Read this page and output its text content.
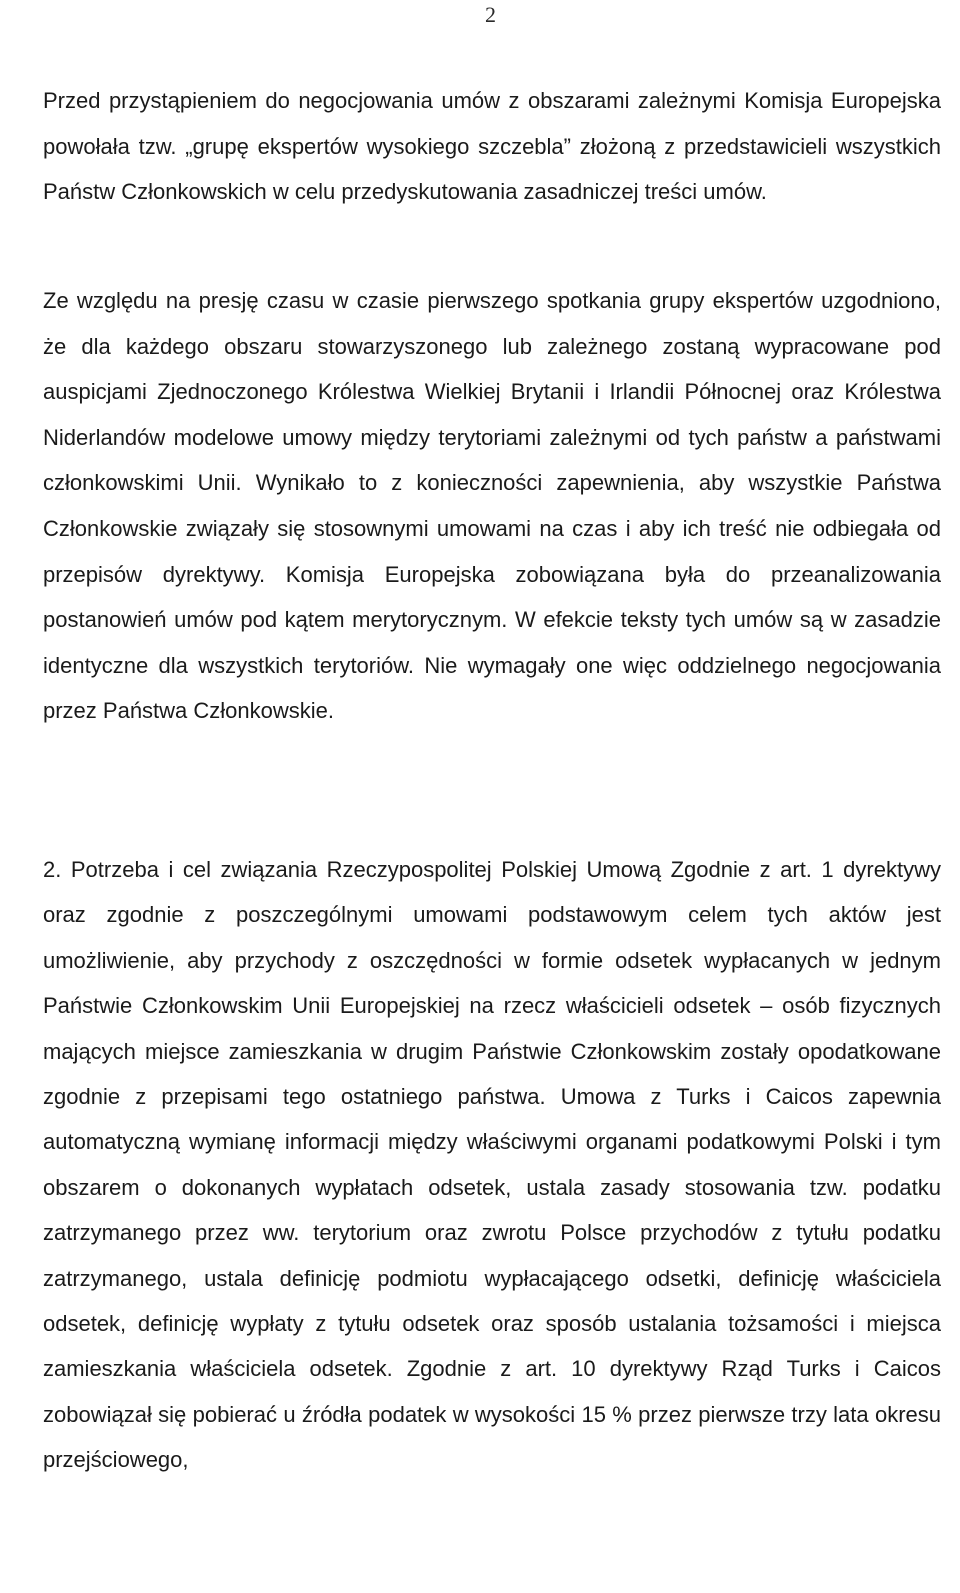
2

Przed przystąpieniem do negocjowania umów z obszarami zależnymi Komisja Europejska powołała tzw. „grupę ekspertów wysokiego szczebla” złożoną z przedstawicieli wszystkich Państw Członkowskich w celu przedyskutowania zasadniczej treści umów.

Ze względu na presję czasu w czasie pierwszego spotkania grupy ekspertów uzgodniono, że dla każdego obszaru stowarzyszonego lub zależnego zostaną wypracowane pod auspicjami Zjednoczonego Królestwa Wielkiej Brytanii i Irlandii Północnej oraz Królestwa Niderlandów modelowe umowy między terytoriami zależnymi od tych państw a państwami członkowskimi Unii. Wynikało to z konieczności zapewnienia, aby wszystkie Państwa Członkowskie związały się stosownymi umowami na czas i aby ich treść nie odbiegała od przepisów dyrektywy. Komisja Europejska zobowiązana była do przeanalizowania postanowień umów pod kątem merytorycznym. W efekcie teksty tych umów są w zasadzie identyczne dla wszystkich terytoriów. Nie wymagały one więc oddzielnego negocjowania przez Państwa Członkowskie.

2. Potrzeba i cel związania Rzeczypospolitej Polskiej Umową Zgodnie z art. 1 dyrektywy oraz zgodnie z poszczególnymi umowami podstawowym celem tych aktów jest umożliwienie, aby przychody z oszczędności w formie odsetek wypłacanych w jednym Państwie Członkowskim Unii Europejskiej na rzecz właścicieli odsetek – osób fizycznych mających miejsce zamieszkania w drugim Państwie Członkowskim zostały opodatkowane zgodnie z przepisami tego ostatniego państwa. Umowa z Turks i Caicos zapewnia automatyczną wymianę informacji między właściwymi organami podatkowymi Polski i tym obszarem o dokonanych wypłatach odsetek, ustala zasady stosowania tzw. podatku zatrzymanego przez ww. terytorium oraz zwrotu Polsce przychodów z tytułu podatku zatrzymanego, ustala definicję podmiotu wypłacającego odsetki, definicję właściciela odsetek, definicję wypłaty z tytułu odsetek oraz sposób ustalania tożsamości i miejsca zamieszkania właściciela odsetek. Zgodnie z art. 10 dyrektywy Rząd Turks i Caicos zobowiązał się pobierać u źródła podatek w wysokości 15 % przez pierwsze trzy lata okresu przejściowego,
